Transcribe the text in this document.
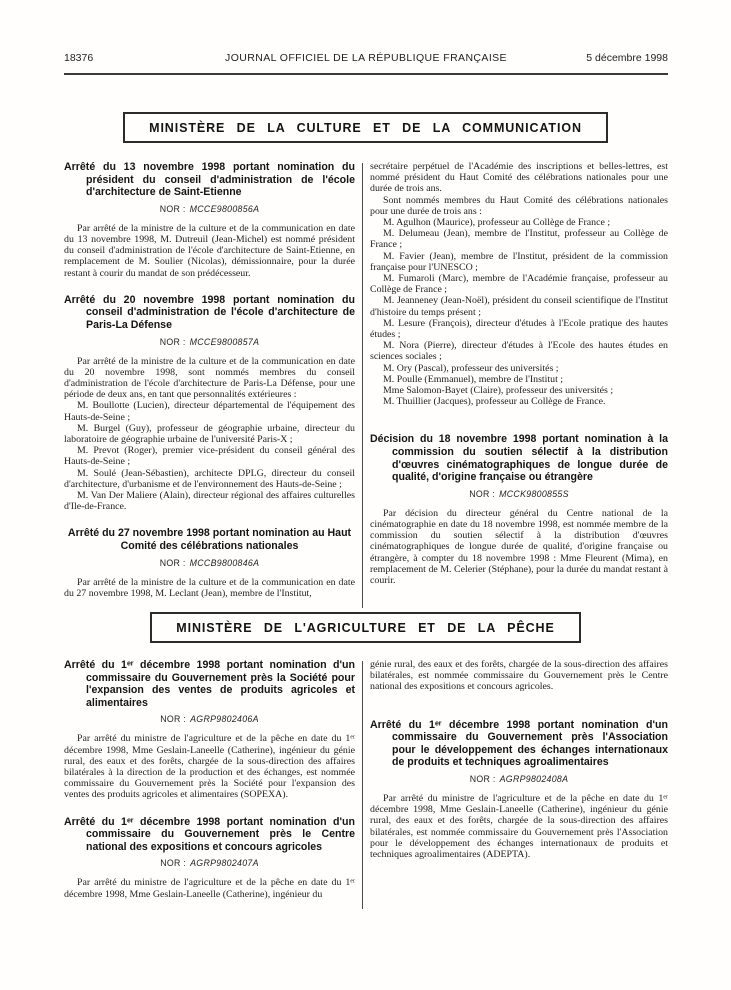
18376	JOURNAL OFFICIEL DE LA RÉPUBLIQUE FRANÇAISE	5 décembre 1998
MINISTÈRE DE LA CULTURE ET DE LA COMMUNICATION
Arrêté du 13 novembre 1998 portant nomination du président du conseil d'administration de l'école d'architecture de Saint-Etienne
NOR : MCCE9800856A

Par arrêté de la ministre de la culture et de la communication en date du 13 novembre 1998, M. Dutreuil (Jean-Michel) est nommé président du conseil d'administration de l'école d'architecture de Saint-Etienne, en remplacement de M. Soulier (Nicolas), démissionnaire, pour la durée restant à courir du mandat de son prédécesseur.

Arrêté du 20 novembre 1998 portant nomination du conseil d'administration de l'école d'architecture de Paris-La Défense
NOR : MCCE9800857A

Par arrêté de la ministre de la culture et de la communication en date du 20 novembre 1998, sont nommés membres du conseil d'administration de l'école d'architecture de Paris-La Défense, pour une période de deux ans, en tant que personnalités extérieures :

M. Boullotte (Lucien), directeur départemental de l'équipement des Hauts-de-Seine ;

M. Burgel (Guy), professeur de géographie urbaine, directeur du laboratoire de géographie urbaine de l'université Paris-X ;

M. Prevot (Roger), premier vice-président du conseil général des Hauts-de-Seine ;

M. Soulé (Jean-Sébastien), architecte DPLG, directeur du conseil d'architecture, d'urbanisme et de l'environnement des Hauts-de-Seine ;

M. Van Der Maliere (Alain), directeur régional des affaires culturelles d'Ile-de-France.

Arrêté du 27 novembre 1998 portant nomination au Haut Comité des célébrations nationales
NOR : MCCB9800846A

Par arrêté de la ministre de la culture et de la communication en date du 27 novembre 1998, M. Leclant (Jean), membre de l'Institut,

secrétaire perpétuel de l'Académie des inscriptions et belles-lettres, est nommé président du Haut Comité des célébrations nationales pour une durée de trois ans.

Sont nommés membres du Haut Comité des célébrations nationales pour une durée de trois ans :

M. Agulhon (Maurice), professeur au Collège de France ;

M. Delumeau (Jean), membre de l'Institut, professeur au Collège de France ;

M. Favier (Jean), membre de l'Institut, président de la commission française pour l'UNESCO ;

M. Fumaroli (Marc), membre de l'Académie française, professeur au Collège de France ;

M. Jeanneney (Jean-Noël), président du conseil scientifique de l'Institut d'histoire du temps présent ;

M. Lesure (François), directeur d'études à l'Ecole pratique des hautes études ;

M. Nora (Pierre), directeur d'études à l'Ecole des hautes études en sciences sociales ;

M. Ory (Pascal), professeur des universités ;

M. Poulle (Emmanuel), membre de l'Institut ;

Mme Salomon-Bayet (Claire), professeur des universités ;

M. Thuillier (Jacques), professeur au Collège de France.

Décision du 18 novembre 1998 portant nomination à la commission du soutien sélectif à la distribution d'œuvres cinématographiques de longue durée de qualité, d'origine française ou étrangère
NOR : MCCK9800855S

Par décision du directeur général du Centre national de la cinématographie en date du 18 novembre 1998, est nommée membre de la commission du soutien sélectif à la distribution d'œuvres cinématographiques de longue durée de qualité, d'origine française ou étrangère, à compter du 18 novembre 1998 : Mme Fleurent (Mima), en remplacement de M. Celerier (Stéphane), pour la durée du mandat restant à courir.

MINISTÈRE DE L'AGRICULTURE ET DE LA PÊCHE
Arrêté du 1ᵉʳ décembre 1998 portant nomination d'un commissaire du Gouvernement près la Société pour l'expansion des ventes de produits agricoles et alimentaires
NOR : AGRP9802406A

Par arrêté du ministre de l'agriculture et de la pêche en date du 1ᵉʳ décembre 1998, Mme Geslain-Laneelle (Catherine), ingénieur du génie rural, des eaux et des forêts, chargée de la sous-direction des affaires bilatérales à la direction de la production et des échanges, est nommée commissaire du Gouvernement près la Société pour l'expansion des ventes des produits agricoles et alimentaires (SOPEXA).

Arrêté du 1ᵉʳ décembre 1998 portant nomination d'un commissaire du Gouvernement près le Centre national des expositions et concours agricoles
NOR : AGRP9802407A

Par arrêté du ministre de l'agriculture et de la pêche en date du 1ᵉʳ décembre 1998, Mme Geslain-Laneelle (Catherine), ingénieur du

génie rural, des eaux et des forêts, chargée de la sous-direction des affaires bilatérales, est nommée commissaire du Gouvernement près le Centre national des expositions et concours agricoles.

Arrêté du 1ᵉʳ décembre 1998 portant nomination d'un commissaire du Gouvernement près l'Association pour le développement des échanges internationaux de produits et techniques agroalimentaires
NOR : AGRP9802408A

Par arrêté du ministre de l'agriculture et de la pêche en date du 1ᵉʳ décembre 1998, Mme Geslain-Laneelle (Catherine), ingénieur du génie rural, des eaux et des forêts, chargée de la sous-direction des affaires bilatérales, est nommée commissaire du Gouvernement près l'Association pour le développement des échanges internationaux de produits et techniques agroalimentaires (ADEPTA).
